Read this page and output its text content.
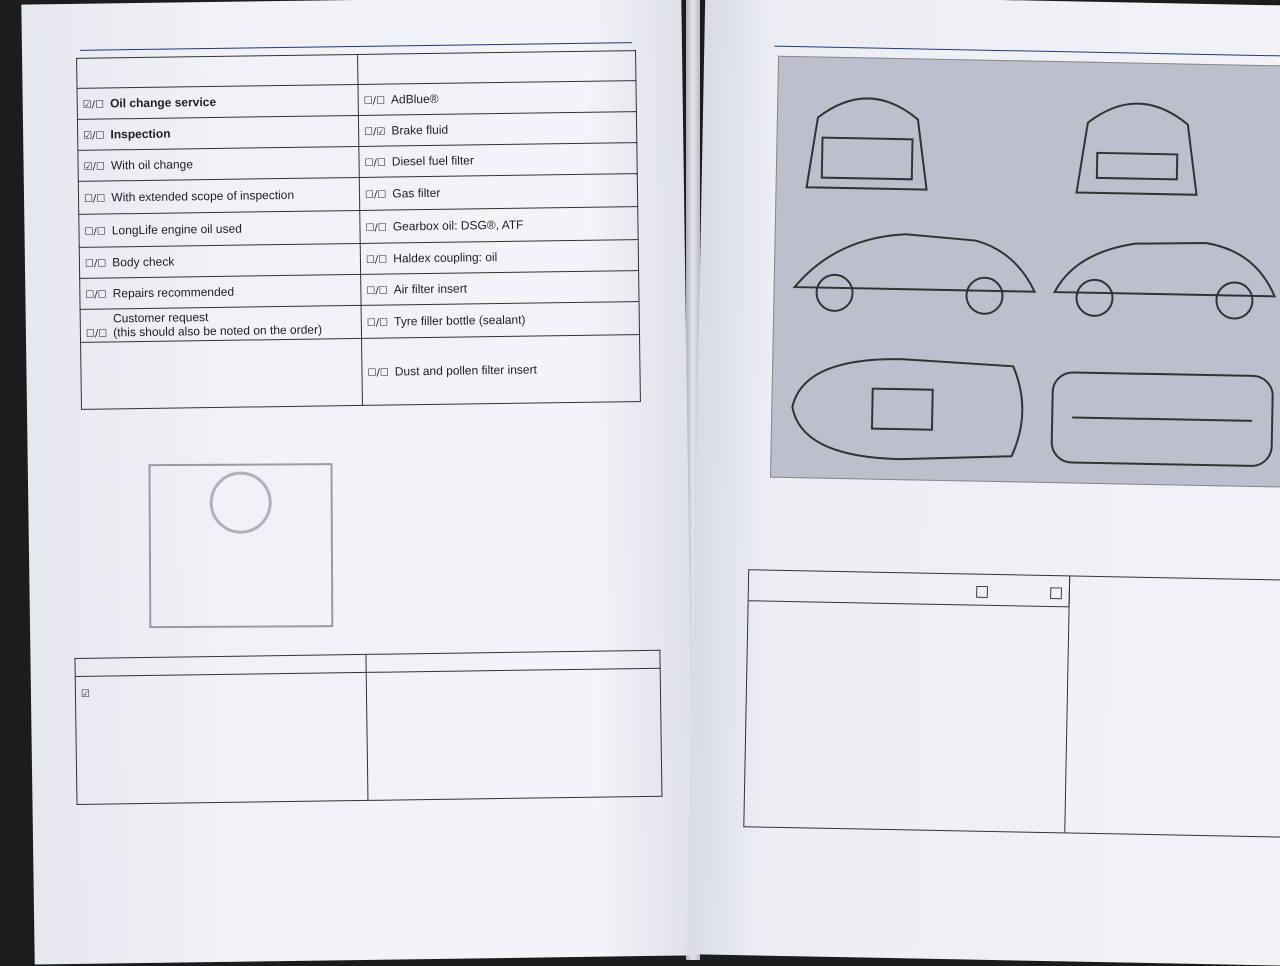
☑/☐ Oil change service	☐/☐ AdBlue®
☑/☐ Inspection	☐/☑ Brake fluid
☑/☐ With oil change	☐/☐ Diesel fuel filter
☐/☐ With extended scope of inspection	☐/☐ Gas filter
☐/☐ LongLife engine oil used	☐/☐ Gearbox oil: DSG®, ATF
☐/☐ Body check	☐/☐ Haldex coupling: oil
☐/☐ Repairs recommended	☐/☐ Air filter insert
☐/☐Customer request
(this should also be noted on the order)	☐/☐ Tyre filler bottle (sealant)
	☐/☐ Dust and pollen filter insert

☑	

☐	☐
